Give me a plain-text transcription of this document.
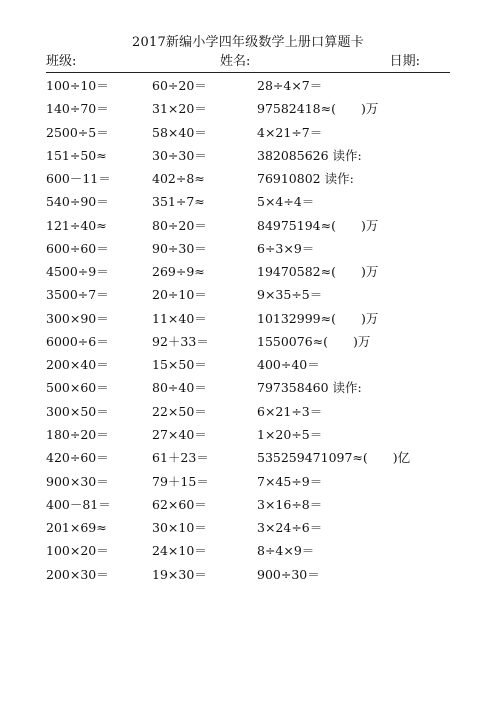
2017新编小学四年级数学上册口算题卡
班级:	姓名:	日期:
100÷10＝	60÷20＝	28÷4×7＝
140÷70＝	31×20＝	97582418≈(　　)万
2500÷5＝	58×40＝	4×21÷7＝
151÷50≈	30÷30＝	382085626 读作:
600－11＝	402÷8≈	76910802 读作:
540÷90＝	351÷7≈	5×4÷4＝
121÷40≈	80÷20＝	84975194≈(　　)万
600÷60＝	90÷30＝	6÷3×9＝
4500÷9＝	269÷9≈	19470582≈(　　)万
3500÷7＝	20÷10＝	9×35÷5＝
300×90＝	11×40＝	10132999≈(　　)万
6000÷6＝	92＋33＝	1550076≈(　　)万
200×40＝	15×50＝	400÷40＝
500×60＝	80÷40＝	797358460 读作:
300×50＝	22×50＝	6×21÷3＝
180÷20＝	27×40＝	1×20÷5＝
420÷60＝	61＋23＝	535259471097≈(　　)亿
900×30＝	79＋15＝	7×45÷9＝
400－81＝	62×60＝	3×16÷8＝
201×69≈	30×10＝	3×24÷6＝
100×20＝	24×10＝	8÷4×9＝
200×30＝	19×30＝	900÷30＝
